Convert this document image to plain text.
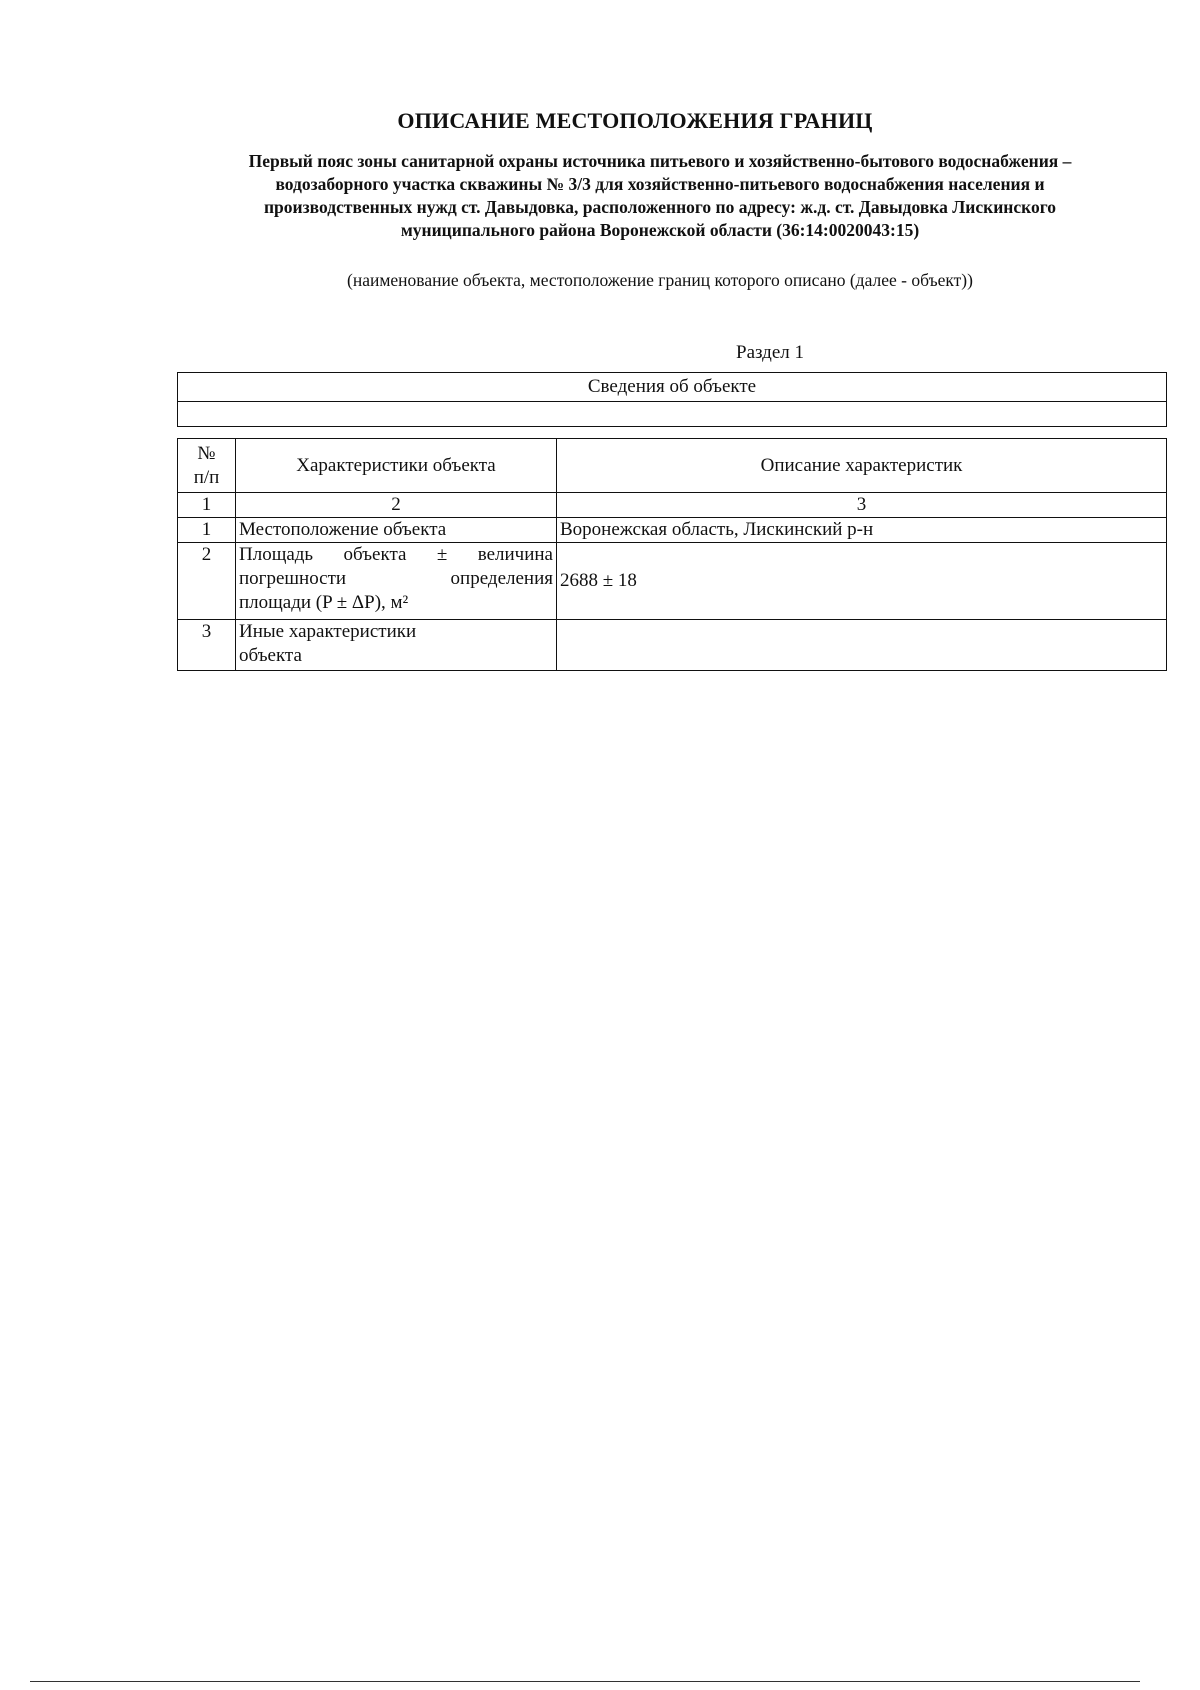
ОПИСАНИЕ МЕСТОПОЛОЖЕНИЯ ГРАНИЦ
Первый пояс зоны санитарной охраны источника питьевого и хозяйственно-бытового водоснабжения –
водозаборного участка скважины № 3/3 для хозяйственно-питьевого водоснабжения населения и
производственных нужд ст. Давыдовка, расположенного по адресу: ж.д. ст. Давыдовка Лискинского
муниципального района Воронежской области (36:14:0020043:15)
(наименование объекта, местоположение границ которого описано (далее - объект))
Раздел 1
Сведения об объекте

№
п/п	Характеристики объекта	Описание характеристик
1	2	3
1	Местоположение объекта	Воронежская область, Лискинский р-н
2	Площадь объекта ± величина
погрешности определения
площади (P ± ΔP), м²	2688 ± 18
3	Иные характеристики
объекта	
